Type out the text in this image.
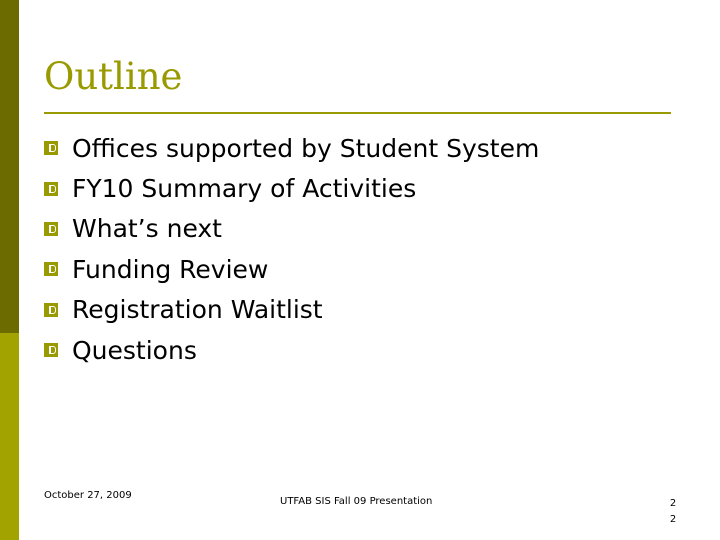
Outline
Offices supported by Student System
FY10 Summary of Activities
What’s next
Funding Review
Registration Waitlist
Questions
October 27, 2009
UTFAB SIS Fall 09 Presentation	22
